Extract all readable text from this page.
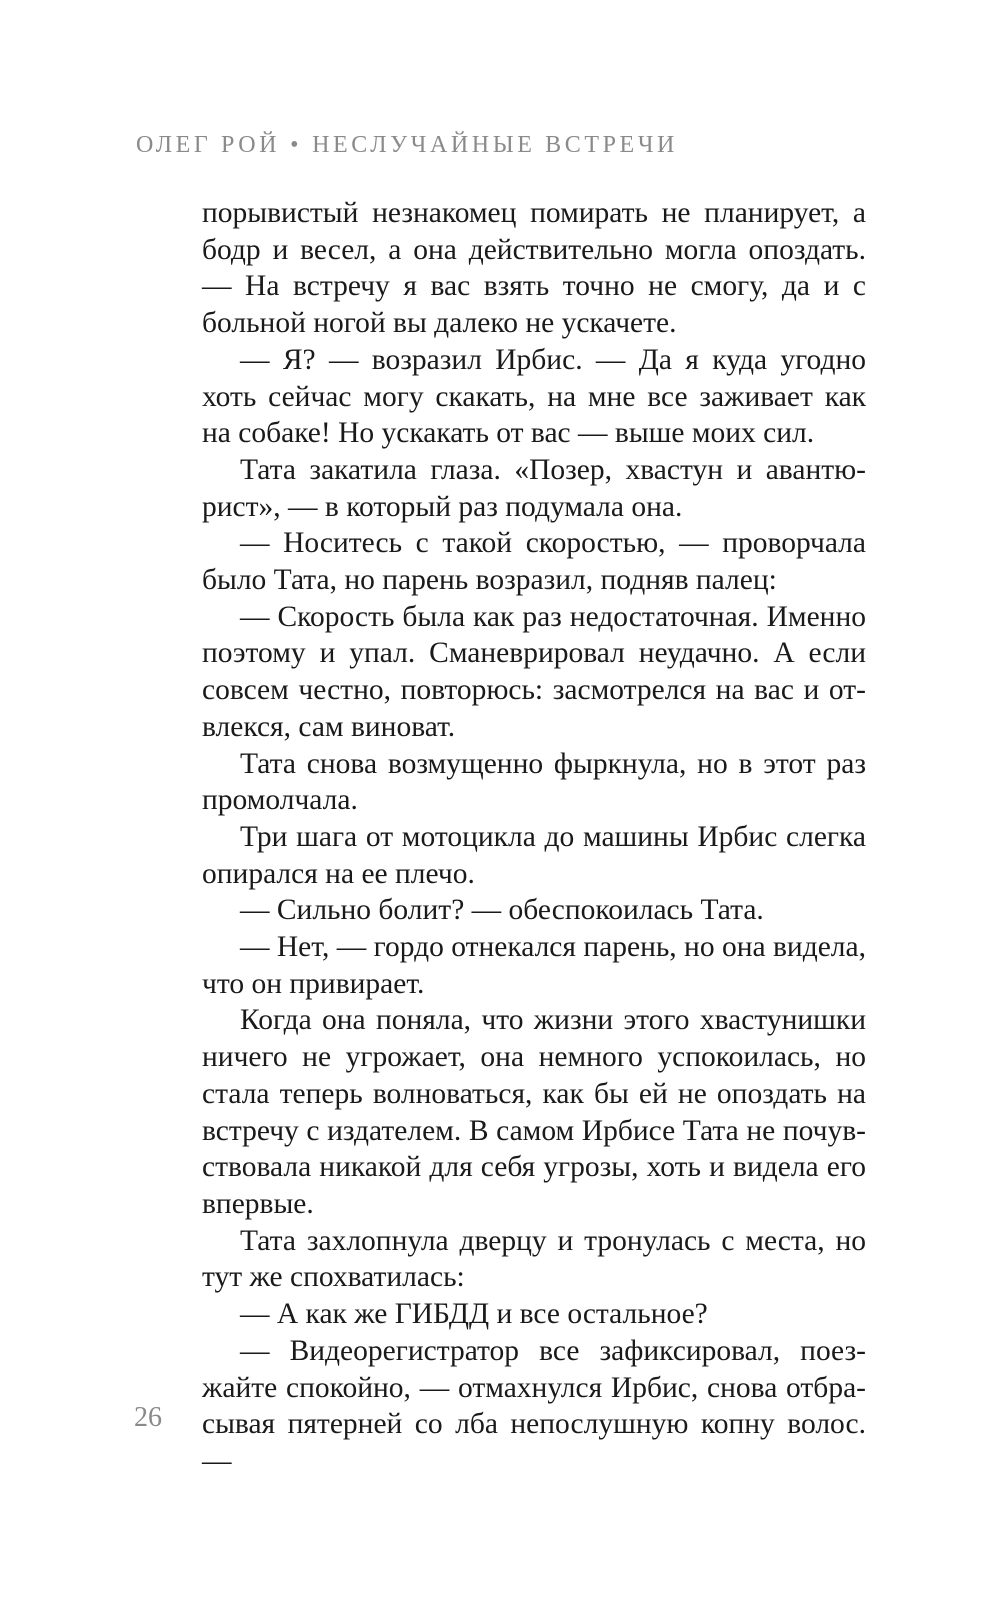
ОЛЕГ РОЙ • НЕСЛУЧАЙНЫЕ ВСТРЕЧИ

порывистый незнакомец помирать не планирует, а бодр и весел, а она действительно могла опоздать. — На встречу я вас взять точно не смогу, да и с больной ногой вы далеко не ускачете.

— Я? — возразил Ирбис. — Да я куда угодно хоть сейчас могу скакать, на мне все заживает как на собаке! Но ускакать от вас — выше моих сил.

Тата закатила глаза. «Позер, хвастун и авантюрист», — в который раз подумала она.

— Носитесь с такой скоростью, — проворчала было Тата, но парень возразил, подняв палец:

— Скорость была как раз недостаточная. Именно поэтому и упал. Сманеврировал неудачно. А если совсем честно, повторюсь: засмотрелся на вас и отвлекся, сам виноват.

Тата снова возмущенно фыркнула, но в этот раз промолчала.

Три шага от мотоцикла до машины Ирбис слегка опирался на ее плечо.

— Сильно болит? — обеспокоилась Тата.

— Нет, — гордо отнекался парень, но она видела, что он привирает.

Когда она поняла, что жизни этого хвастунишки ничего не угрожает, она немного успокоилась, но стала теперь волноваться, как бы ей не опоздать на встречу с издателем. В самом Ирбисе Тата не почувствовала никакой для себя угрозы, хоть и видела его впервые.

Тата захлопнула дверцу и тронулась с места, но тут же спохватилась:

— А как же ГИБДД и все остальное?

— Видеорегистратор все зафиксировал, поезжайте спокойно, — отмахнулся Ирбис, снова отбрасывая пятерней со лба непослушную копну волос. —

26
